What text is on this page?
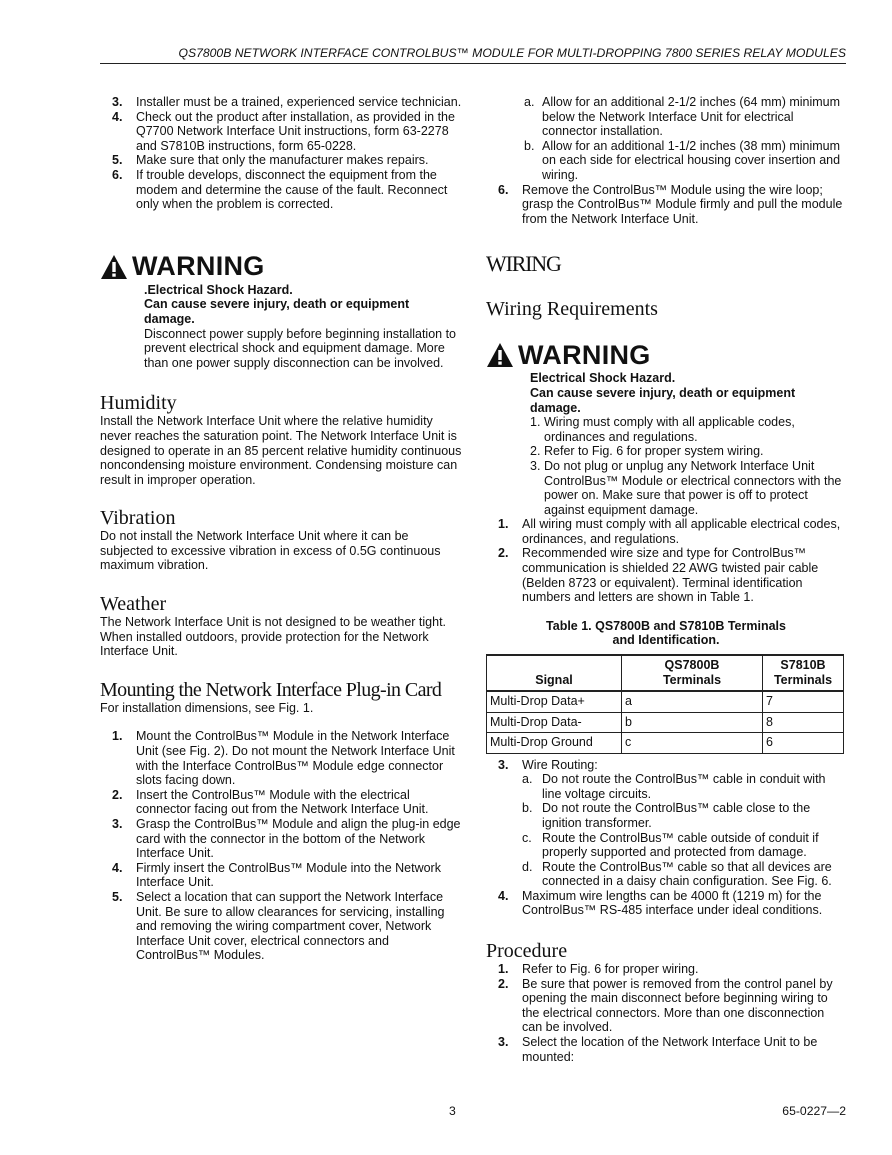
QS7800B NETWORK INTERFACE CONTROLBUS™ MODULE FOR MULTI-DROPPING 7800 SERIES RELAY MODULES
3. Installer must be a trained, experienced service technician.
4. Check out the product after installation, as provided in the Q7700 Network Interface Unit instructions, form 63-2278 and S7810B instructions, form 65-0228.
5. Make sure that only the manufacturer makes repairs.
6. If trouble develops, disconnect the equipment from the modem and determine the cause of the fault. Reconnect only when the problem is corrected.
WARNING

.Electrical Shock Hazard.

Can cause severe injury, death or equipment damage.

Disconnect power supply before beginning installation to prevent electrical shock and equipment damage. More than one power supply disconnection can be involved.

Humidity

Install the Network Interface Unit where the relative humidity never reaches the saturation point. The Network Interface Unit is designed to operate in an 85 percent relative humidity continuous noncondensing moisture environment. Condensing moisture can result in improper operation.

Vibration

Do not install the Network Interface Unit where it can be subjected to excessive vibration in excess of 0.5G continuous maximum vibration.

Weather

The Network Interface Unit is not designed to be weather tight. When installed outdoors, provide protection for the Network Interface Unit.

Mounting the Network Interface Plug-in Card

For installation dimensions, see Fig. 1.

1. Mount the ControlBus™ Module in the Network Interface Unit (see Fig. 2). Do not mount the Network Interface Unit with the Interface ControlBus™ Module edge connector slots facing down.
2. Insert the ControlBus™ Module with the electrical connector facing out from the Network Interface Unit.
3. Grasp the ControlBus™ Module and align the plug-in edge card with the connector in the bottom of the Network Interface Unit.
4. Firmly insert the ControlBus™ Module into the Network Interface Unit.
5. Select a location that can support the Network Interface Unit. Be sure to allow clearances for servicing, installing and removing the wiring compartment cover, Network Interface Unit cover, electrical connectors and ControlBus™ Modules.
a. Allow for an additional 2-1/2 inches (64 mm) minimum below the Network Interface Unit for electrical connector installation.
b. Allow for an additional 1-1/2 inches (38 mm) minimum on each side for electrical housing cover insertion and wiring.
6. Remove the ControlBus™ Module using the wire loop; grasp the ControlBus™ Module firmly and pull the module from the Network Interface Unit.
WIRING
Wiring Requirements
WARNING

Electrical Shock Hazard.

Can cause severe injury, death or equipment damage.

1. Wiring must comply with all applicable codes, ordinances and regulations.
2. Refer to Fig. 6 for proper system wiring.
3. Do not plug or unplug any Network Interface Unit ControlBus™ Module or electrical connectors with the power on. Make sure that power is off to protect against equipment damage.
1. All wiring must comply with all applicable electrical codes, ordinances, and regulations.
2. Recommended wire size and type for ControlBus™ communication is shielded 22 AWG twisted pair cable (Belden 8723 or equivalent). Terminal identification numbers and letters are shown in Table 1.

Table 1. QS7800B and S7810B Terminals

and Identification.

Signal	QS7800B Terminals	S7810B Terminals
Multi-Drop Data+	a	7
Multi-Drop Data-	b	8
Multi-Drop Ground	c	6
3. Wire Routing:
a. Do not route the ControlBus™ cable in conduit with line voltage circuits.
b. Do not route the ControlBus™ cable close to the ignition transformer.
c. Route the ControlBus™ cable outside of conduit if properly supported and protected from damage.
d. Route the ControlBus™ cable so that all devices are connected in a daisy chain configuration. See Fig. 6.
4. Maximum wire lengths can be 4000 ft (1219 m) for the ControlBus™ RS-485 interface under ideal conditions.
Procedure
1. Refer to Fig. 6 for proper wiring.
2. Be sure that power is removed from the control panel by opening the main disconnect before beginning wiring to the electrical connectors. More than one disconnection can be involved.
3. Select the location of the Network Interface Unit to be mounted:
3	65-0227—2
